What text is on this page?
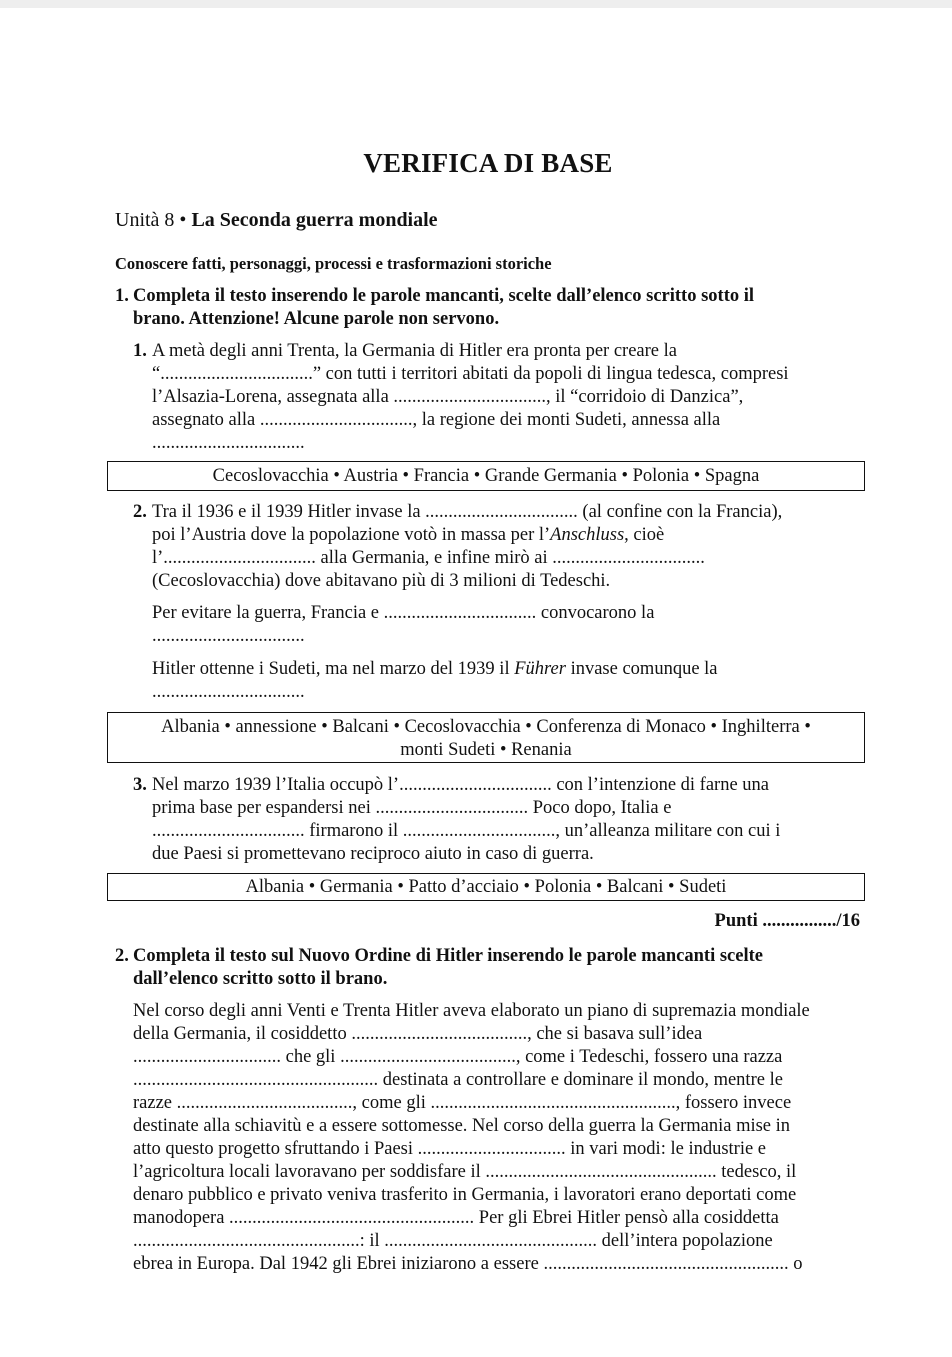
VERIFICA DI BASE
Unità 8 • La Seconda guerra mondiale
Conoscere fatti, personaggi, processi e trasformazioni storiche
1. Completa il testo inserendo le parole mancanti, scelte dall’elenco scritto sotto il
brano. Attenzione! Alcune parole non servono.
1. A metà degli anni Trenta, la Germania di Hitler era pronta per creare la
“.................................” con tutti i territori abitati da popoli di lingua tedesca, compresi
l’Alsazia-Lorena, assegnata alla ................................., il “corridoio di Danzica”,
assegnato alla ................................., la regione dei monti Sudeti, annessa alla
.................................
Cecoslovacchia • Austria • Francia • Grande Germania • Polonia • Spagna
2. Tra il 1936 e il 1939 Hitler invase la ................................. (al confine con la Francia),
poi l’Austria dove la popolazione votò in massa per l’Anschluss, cioè
l’................................. alla Germania, e infine mirò ai .................................
(Cecoslovacchia) dove abitavano più di 3 milioni di Tedeschi.
Per evitare la guerra, Francia e ................................. convocarono la
.................................
Hitler ottenne i Sudeti, ma nel marzo del 1939 il Führer invase comunque la
.................................
Albania • annessione • Balcani • Cecoslovacchia • Conferenza di Monaco • Inghilterra •
monti Sudeti • Renania
3. Nel marzo 1939 l’Italia occupò l’................................. con l’intenzione di farne una
prima base per espandersi nei ................................. Poco dopo, Italia e
................................. firmarono il ................................., un’alleanza militare con cui i
due Paesi si promettevano reciproco aiuto in caso di guerra.
Albania • Germania • Patto d’acciaio • Polonia • Balcani • Sudeti
Punti ................/16
2. Completa il testo sul Nuovo Ordine di Hitler inserendo le parole mancanti scelte
dall’elenco scritto sotto il brano.
Nel corso degli anni Venti e Trenta Hitler aveva elaborato un piano di supremazia mondiale
della Germania, il cosiddetto ......................................, che si basava sull’idea
................................ che gli ......................................, come i Tedeschi, fossero una razza
..................................................... destinata a controllare e dominare il mondo, mentre le
razze ......................................, come gli ....................................................., fossero invece
destinate alla schiavitù e a essere sottomesse. Nel corso della guerra la Germania mise in
atto questo progetto sfruttando i Paesi ................................ in vari modi: le industrie e
l’agricoltura locali lavoravano per soddisfare il .................................................. tedesco, il
denaro pubblico e privato veniva trasferito in Germania, i lavoratori erano deportati come
manodopera ..................................................... Per gli Ebrei Hitler pensò alla cosiddetta
.................................................: il .............................................. dell’intera popolazione
ebrea in Europa. Dal 1942 gli Ebrei iniziarono a essere ..................................................... o
